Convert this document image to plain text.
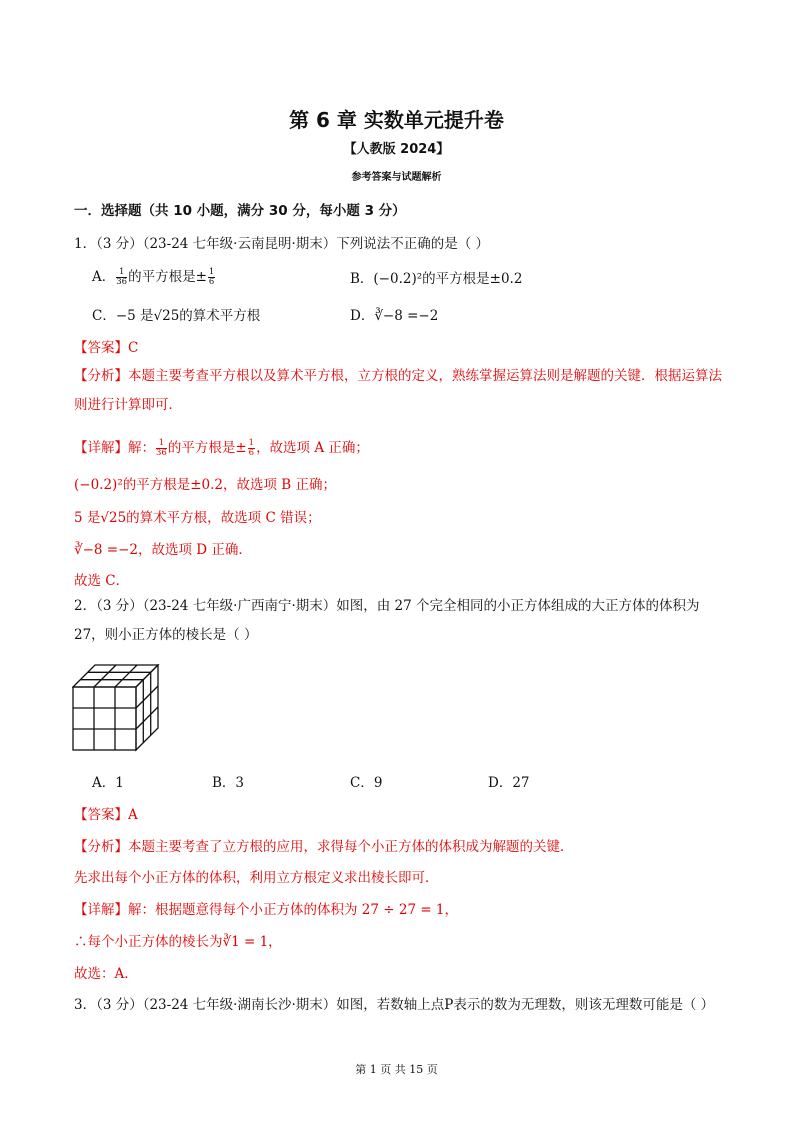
第 6 章 实数单元提升卷
【人教版 2024】
参考答案与试题解析
一．选择题（共 10 小题，满分 30 分，每小题 3 分）
1．（3 分）（23-24 七年级·云南昆明·期末）下列说法不正确的是（ ）
A． $\frac{1}{36}$ 的平方根是± $\frac{1}{6}$	B．(−0.2)²的平方根是±0.2
C．−5 是√25的算术平方根	D．∛−8 =−2
【答案】C
【分析】本题主要考查平方根以及算术平方根，立方根的定义，熟练掌握运算法则是解题的关键．根据运算法则进行计算即可．
【详解】解： $\frac{1}{36}$ 的平方根是± $\frac{1}{6}$ ，故选项 A 正确；
(−0.2)²的平方根是±0.2，故选项 B 正确；
5 是√25的算术平方根，故选项 C 错误；
∛−8 =−2，故选项 D 正确．
故选 C．
2．（3 分）（23-24 七年级·广西南宁·期末）如图，由 27 个完全相同的小正方体组成的大正方体的体积为 27，则小正方体的棱长是（ ）
A．1	B．3	C．9	D．27
【答案】A
【分析】本题主要考查了立方根的应用，求得每个小正方体的体积成为解题的关键．
先求出每个小正方体的体积，利用立方根定义求出棱长即可．
【详解】解：根据题意得每个小正方体的体积为 27 ÷ 27 = 1，
∴每个小正方体的棱长为∛1 = 1，
故选：A．
3．（3 分）（23-24 七年级·湖南长沙·期末）如图，若数轴上点P表示的数为无理数，则该无理数可能是（ ）
第 1 页 共 15 页
